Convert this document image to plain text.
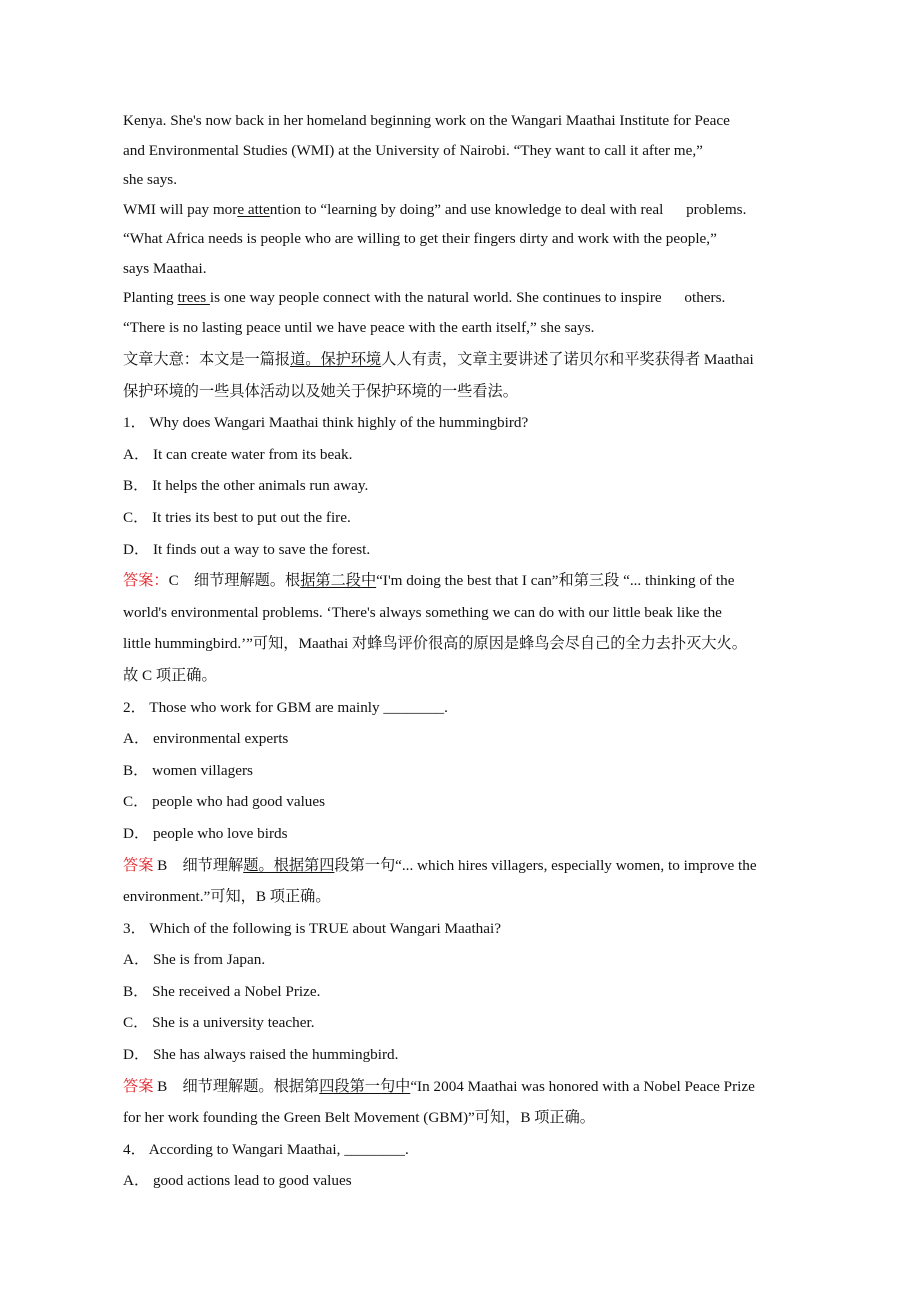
Kenya. She's now back in her homeland beginning work on the Wangari Maathai Institute for Peace
and Environmental Studies (WMI) at the University of Nairobi. “They want to call it after me,”
she says.
WMI will pay more attention to “learning by doing” and use knowledge to deal with real      problems.
“What Africa needs is people who are willing to get their fingers dirty and work with the people,”
says Maathai.
Planting trees is one way people connect with the natural world. She continues to inspire      others.
“There is no lasting peace until we have peace with the earth itself,” she says.
文章大意：本文是一篇报道。保护环境人人有责，文章主要讲述了诺贝尔和平奖获得者 Maathai
保护环境的一些具体活动以及她关于保护环境的一些看法。
1． Why does Wangari Maathai think highly of the hummingbird?
A． It can create water from its beak.
B． It helps the other animals run away.
C． It tries its best to put out the fire.
D． It finds out a way to save the forest.
答案：C    细节理解题。根据第二段中“I'm doing the best that I can”和第三段 “... thinking of the
world's environmental problems. ‘There's always something we can do with our little beak like the
little hummingbird.’”可知，Maathai 对蜂鸟评价很高的原因是蜂鸟会尽自己的全力去扑灭大火。
故 C 项正确。
2． Those who work for GBM are mainly ________.
A． environmental experts
B． women villagers
C． people who had good values
D． people who love birds
答案 B    细节理解题。根据第四段第一句“... which hires villagers, especially women, to improve the
environment.”可知，B 项正确。
3． Which of the following is TRUE about Wangari Maathai?
A． She is from Japan.
B． She received a Nobel Prize.
C． She is a university teacher.
D． She has always raised the hummingbird.
答案 B    细节理解题。根据第四段第一句中“In 2004 Maathai was honored with a Nobel Peace Prize
for her work founding the Green Belt Movement (GBM)”可知，B 项正确。
4． According to Wangari Maathai, ________.
A． good actions lead to good values
